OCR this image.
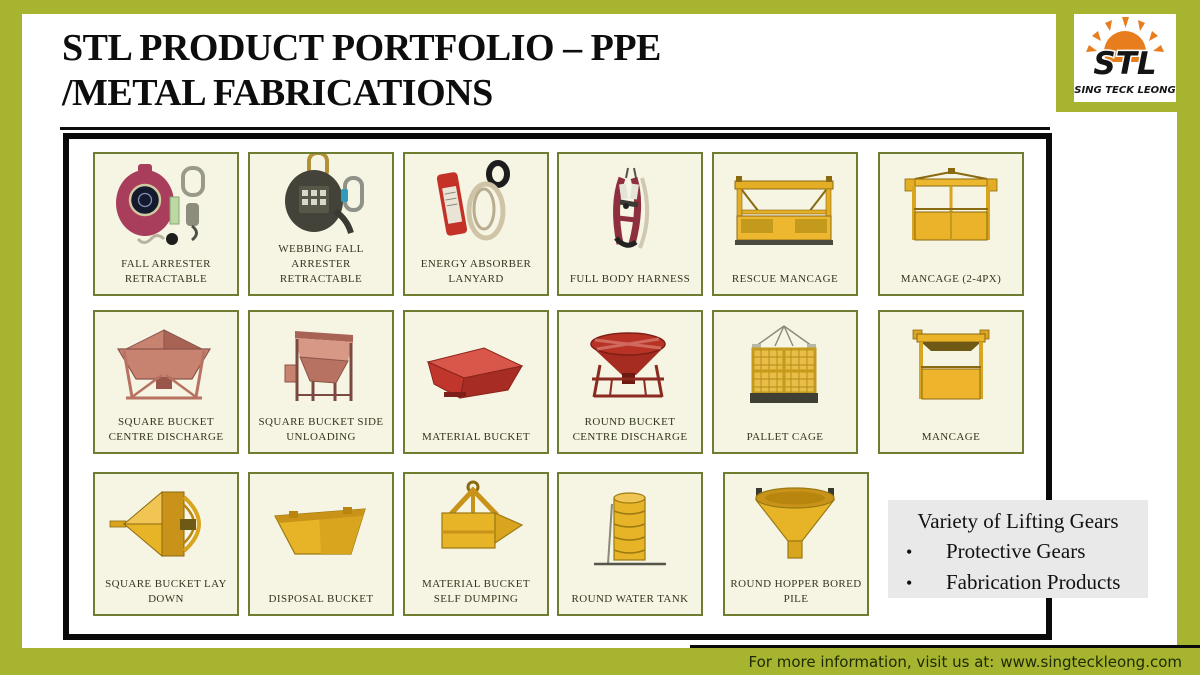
STL
SING TECK LEONG
STL PRODUCT PORTFOLIO – PPE
/METAL FABRICATIONS
FALL ARRESTER RETRACTABLE
WEBBING FALL ARRESTER RETRACTABLE
ENERGY ABSORBER LANYARD	FULL BODY HARNESS	RESCUE MANCAGE	MANCAGE (2-4PX)
SQUARE BUCKET CENTRE DISCHARGE
SQUARE BUCKET SIDE UNLOADING	MATERIAL BUCKET
ROUND BUCKET CENTRE DISCHARGE	PALLET CAGE	MANCAGE
SQUARE BUCKET LAY DOWN	DISPOSAL BUCKET
MATERIAL BUCKET SELF DUMPING	ROUND WATER TANK
ROUND HOPPER BORED PILE
Variety of Lifting Gears
•	Protective Gears
•	Fabrication Products
For more information, visit us at: www.singteckleong.com
